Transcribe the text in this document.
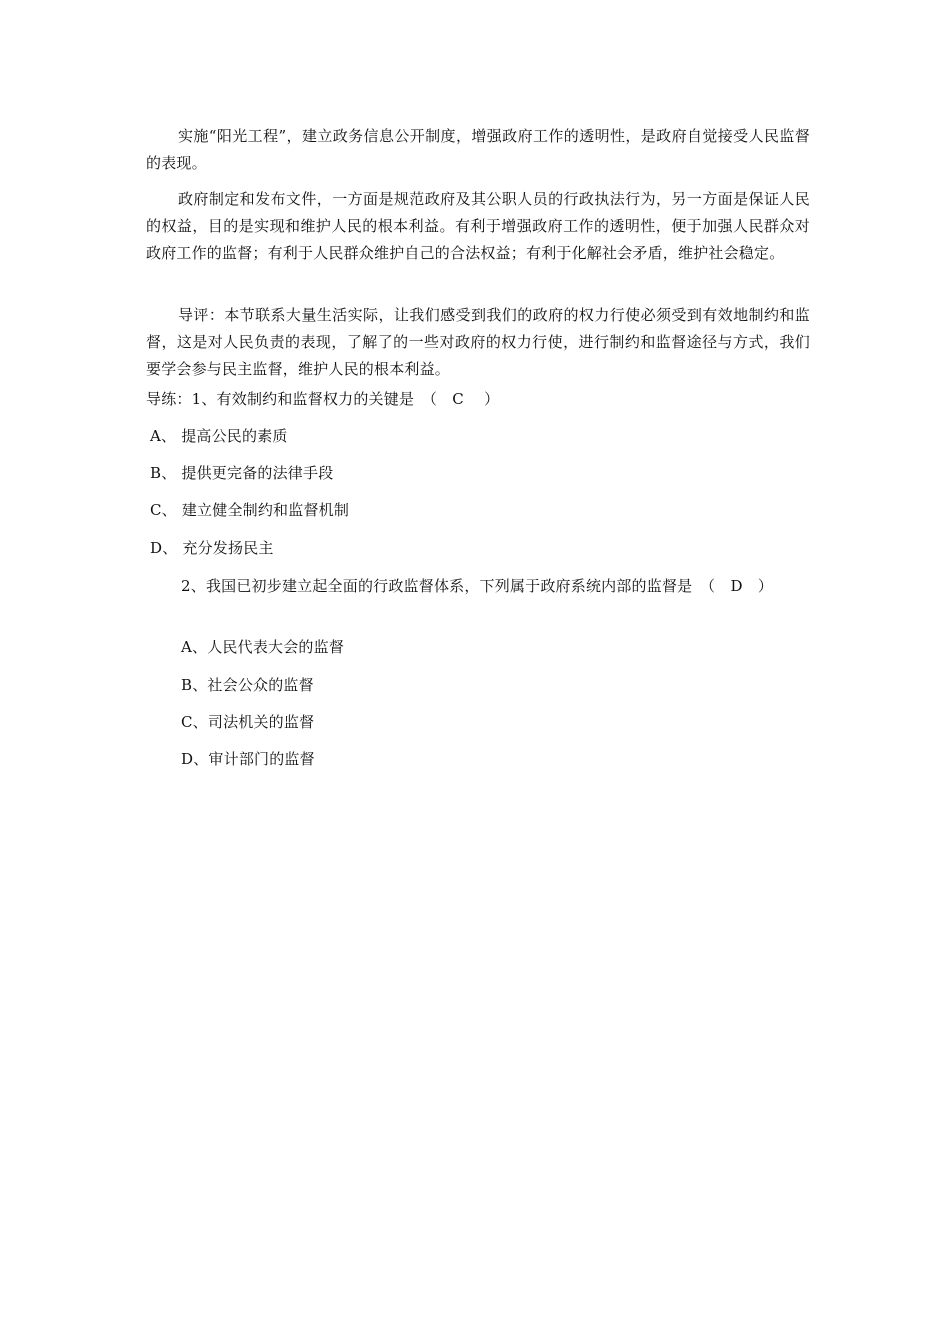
实施“阳光工程”，建立政务信息公开制度，增强政府工作的透明性，是政府自觉接受人民监督的表现。

政府制定和发布文件，一方面是规范政府及其公职人员的行政执法行为，另一方面是保证人民的权益，目的是实现和维护人民的根本利益。有利于增强政府工作的透明性，便于加强人民群众对政府工作的监督；有利于人民群众维护自己的合法权益；有利于化解社会矛盾，维护社会稳定。

导评：本节联系大量生活实际，让我们感受到我们的政府的权力行使必须受到有效地制约和监督，这是对人民负责的表现，了解了的一些对政府的权力行使，进行制约和监督途径与方式，我们要学会参与民主监督，维护人民的根本利益。

导练：1、有效制约和监督权力的关键是　（　C　 ）

A、 提高公民的素质

B、 提供更完备的法律手段

C、 建立健全制约和监督机制

D、 充分发扬民主

2、我国已初步建立起全面的行政监督体系，下列属于政府系统内部的监督是　（　D　）

A、人民代表大会的监督

B、社会公众的监督

C、司法机关的监督

D、审计部门的监督
